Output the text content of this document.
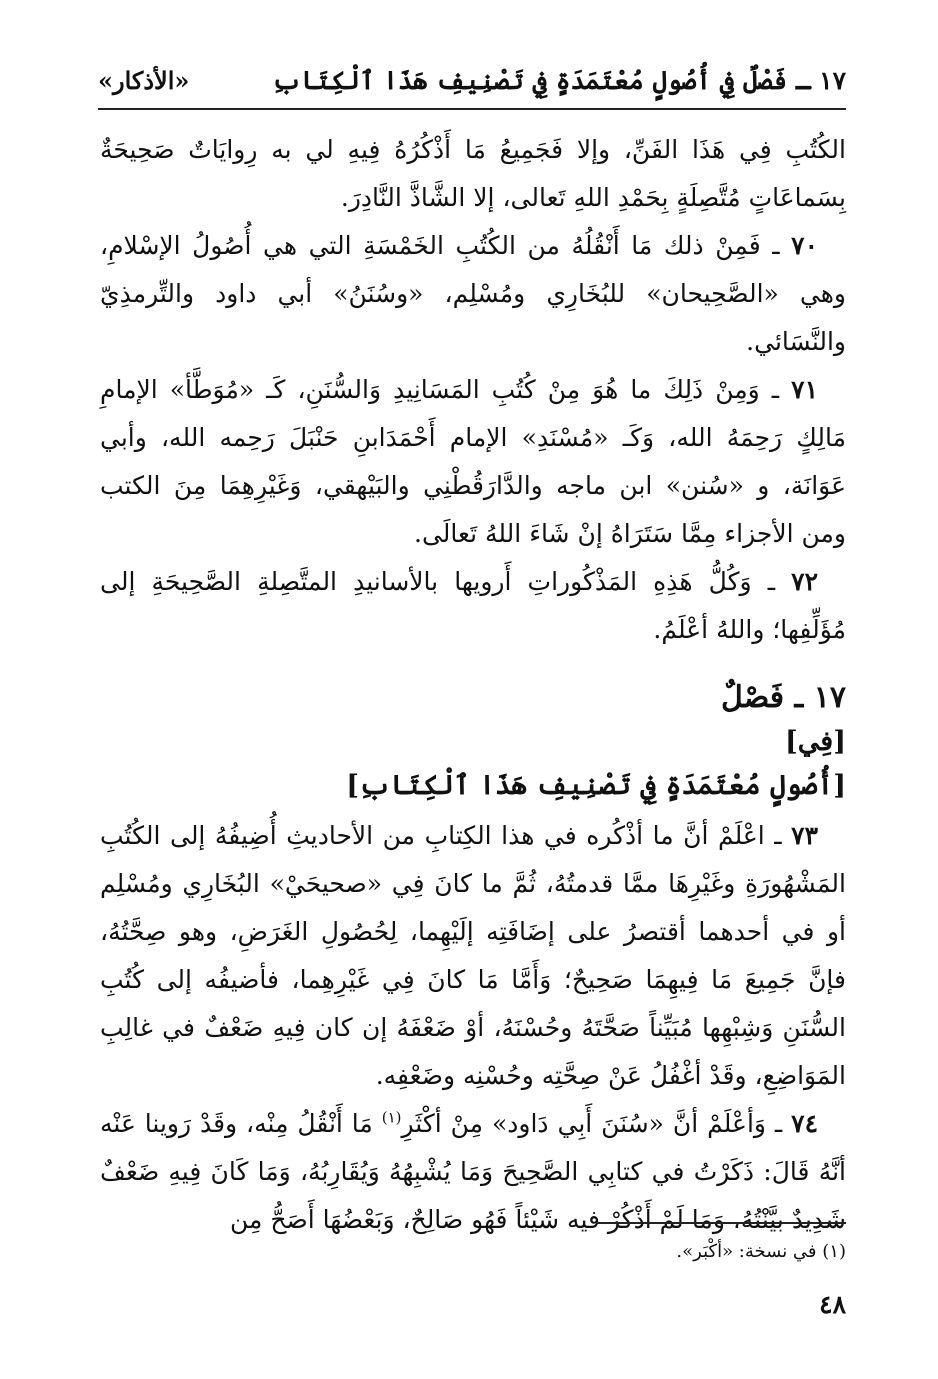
١٧ ـ فَصْلٌ فِي أُصُولٍ مُعْتَمَدَةٍ فِي تَصْنِيفِ هَذَا ٱلْكِتَابِ
«الأذكار»

الكُتُبِ فِي هَذَا الفَنِّ، وإلا فَجَمِيعُ مَا أَذْكُرُهُ فِيهِ لي به رِوايَاتٌ صَحِيحَةٌ بِسَماعَاتٍ مُتَّصِلَةٍ بِحَمْدِ اللهِ تَعالى، إلا الشَّاذَّ النَّادِرَ.

٧٠ ـ فَمِنْ ذلك مَا أَنْقُلُهُ من الكُتُبِ الخَمْسَةِ التي هي أُصُولُ الإسْلامِ، وهي «الصَّحِيحان» للبُخَارِي ومُسْلِم، «وسُنَنُ» أبي داود والتِّرمذِيّ والنَّسَائي.

٧١ ـ وَمِنْ ذَلِكَ ما هُوَ مِنْ كُتُبِ المَسَانِيدِ وَالسُّنَنِ، كَـ «مُوَطَّأ» الإمامِ مَالِكٍ رَحِمَهُ الله، وَكَـ «مُسْنَدِ» الإمام أَحْمَدَابنِ حَنْبَلَ رَحِمه الله، وأبي عَوَانَة، و «سُنن» ابن ماجه والدَّارَقُطْنِي والبَيْهقي، وَغَيْرِهِمَا مِنَ الكتب ومن الأجزاء مِمَّا سَتَرَاهُ إنْ شَاءَ اللهُ تَعالَى.

٧٢ ـ وَكُلُّ هَذِهِ المَذْكُوراتِ أَرويها بالأسانيدِ المتَّصِلةِ الصَّحِيحَةِ إلى مُؤَلِّفِها؛ واللهُ أعْلَمُ.

١٧ ـ فَصْلٌ
[فِي]
[أُصُولٍ مُعْتَمَدَةٍ فِي تَصْنِيفِ هَذَا ٱلْكِتَابِ]

٧٣ ـ اعْلَمْ أنَّ ما أذْكُره في هذا الكِتابِ من الأحاديثِ أُضِيفُهُ إلى الكُتُبِ المَشْهُورَةِ وغَيْرِهَا ممَّا قدمتُهُ، ثُمَّ ما كانَ فِي «صحيحَيْ» البُخَارِي ومُسْلِم أو في أحدهما أقتصرُ على إضَافَتِه إلَيْهِما، لِحُصُولِ الغَرَضِ، وهو صِحَّتُهُ، فإنَّ جَمِيعَ مَا فِيهِمَا صَحِيحٌ؛ وَأَمَّا مَا كانَ فِي غَيْرِهِما، فأضيفُه إلى كُتُبِ السُّنَنِ وَشِبْهِها مُبَيِّناً صَحَّتَهُ وحُسْنَهُ، أوْ ضَعْفَهُ إن كان فِيهِ ضَعْفٌ في غالِبِ المَوَاضِعِ، وقَدْ أغْفُلُ عَنْ صِحَّتِه وحُسْنِه وضَعْفِه.

٧٤ ـ وَأعْلَمْ أنَّ «سُنَنَ أَبِي دَاود» مِنْ أكْثَرِ$^{(١)}$ مَا أَنْقُلُ مِنْه، وقَدْ رَوينا عَنْه أنَّهُ قَالَ: ذَكَرْتُ في كتابِي الصَّحِيحَ وَمَا يُشْبِهُهُ وَيُقَارِبُهُ، وَمَا كَانَ فِيهِ ضَعْفٌ شَدِيدٌ بيَّنْتُهُ، وَمَا لَمْ أَذْكُرْ فيه شَيْئاً فَهُو صَالِحٌ، وَبَعْضُهَا أَصَحُّ مِن

(١) في نسخة: «أكْبَر».
٤٨
